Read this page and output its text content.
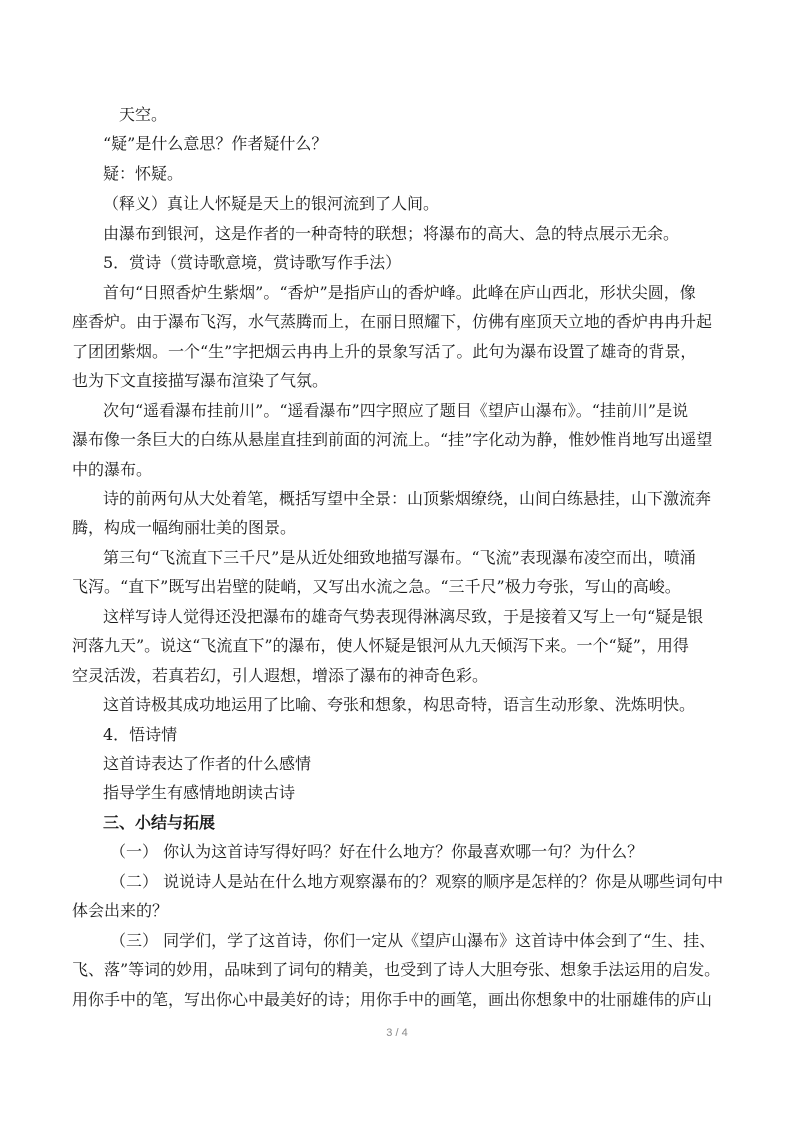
天空。
“疑”是什么意思？作者疑什么？
疑：怀疑。
（释义）真让人怀疑是天上的银河流到了人间。
由瀑布到银河，这是作者的一种奇特的联想；将瀑布的高大、急的特点展示无余。
5．赏诗（赏诗歌意境，赏诗歌写作手法）
首句“日照香炉生紫烟”。“香炉”是指庐山的香炉峰。此峰在庐山西北，形状尖圆，像
座香炉。由于瀑布飞泻，水气蒸腾而上，在丽日照耀下，仿佛有座顶天立地的香炉冉冉升起
了团团紫烟。一个“生”字把烟云冉冉上升的景象写活了。此句为瀑布设置了雄奇的背景，
也为下文直接描写瀑布渲染了气氛。
次句“遥看瀑布挂前川”。“遥看瀑布”四字照应了题目《望庐山瀑布》。“挂前川”是说
瀑布像一条巨大的白练从悬崖直挂到前面的河流上。“挂”字化动为静，惟妙惟肖地写出遥望
中的瀑布。
诗的前两句从大处着笔，概括写望中全景：山顶紫烟缭绕，山间白练悬挂，山下激流奔
腾，构成一幅绚丽壮美的图景。
第三句“飞流直下三千尺”是从近处细致地描写瀑布。“飞流”表现瀑布凌空而出，喷涌
飞泻。“直下”既写出岩壁的陡峭，又写出水流之急。“三千尺”极力夸张，写山的高峻。
这样写诗人觉得还没把瀑布的雄奇气势表现得淋漓尽致，于是接着又写上一句“疑是银
河落九天”。说这“飞流直下”的瀑布，使人怀疑是银河从九天倾泻下来。一个“疑”，用得
空灵活泼，若真若幻，引人遐想，增添了瀑布的神奇色彩。
这首诗极其成功地运用了比喻、夸张和想象，构思奇特，语言生动形象、洗炼明快。
4．悟诗情
这首诗表达了作者的什么感情
指导学生有感情地朗读古诗
三、小结与拓展
（一） 你认为这首诗写得好吗？好在什么地方？你最喜欢哪一句？为什么？
（二） 说说诗人是站在什么地方观察瀑布的？观察的顺序是怎样的？你是从哪些词句中
体会出来的？
（三） 同学们，学了这首诗，你们一定从《望庐山瀑布》这首诗中体会到了“生、挂、
飞、落”等词的妙用，品味到了词句的精美，也受到了诗人大胆夸张、想象手法运用的启发。
用你手中的笔，写出你心中最美好的诗；用你手中的画笔，画出你想象中的壮丽雄伟的庐山
3 / 4
